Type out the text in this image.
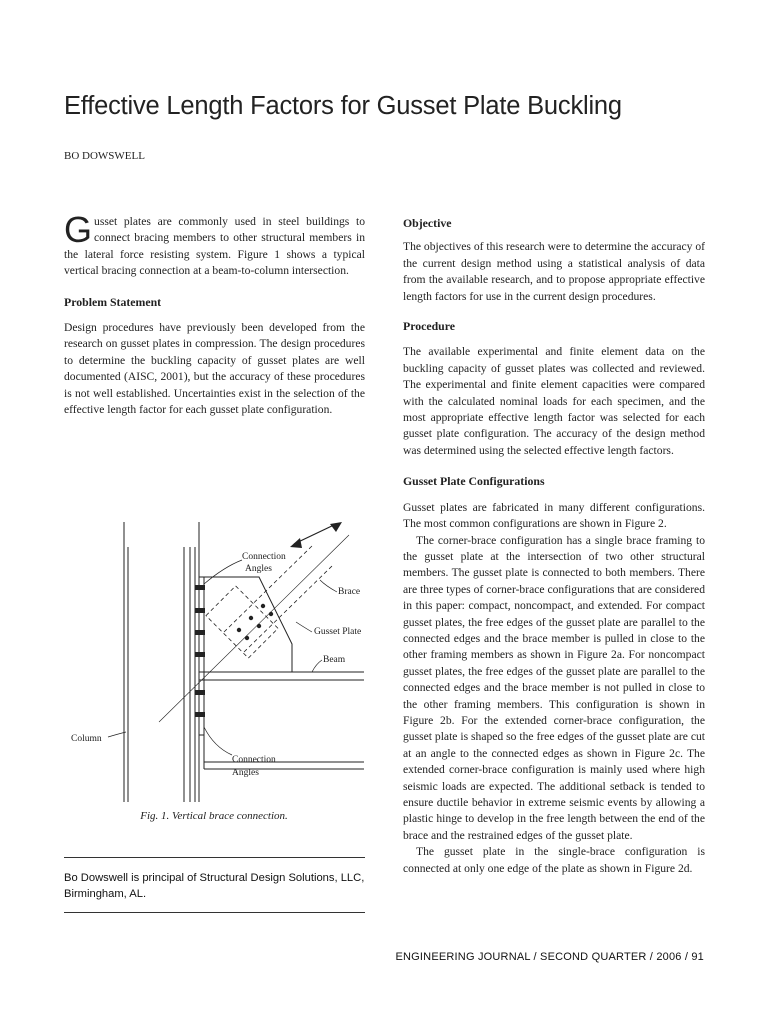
Effective Length Factors for Gusset Plate Buckling
BO DOWSWELL

Gusset plates are commonly used in steel buildings to connect bracing members to other structural members in the lateral force resisting system. Figure 1 shows a typical vertical bracing connection at a beam-to-column intersection.

Problem Statement

Design procedures have previously been developed from the research on gusset plates in compression. The design procedures to determine the buckling capacity of gusset plates are well documented (AISC, 2001), but the accuracy of these procedures is not well established. Uncertainties exist in the selection of the effective length factor for each gusset plate configuration.

Connection
Angles
Brace
Gusset Plate
Beam
Column
Connection
Angles
Fig. 1. Vertical brace connection.
Bo Dowswell is principal of Structural Design Solutions, LLC, Birmingham, AL.

Objective

The objectives of this research were to determine the accuracy of the current design method using a statistical analysis of data from the available research, and to propose appropriate effective length factors for use in the current design procedures.

Procedure

The available experimental and finite element data on the buckling capacity of gusset plates was collected and reviewed. The experimental and finite element capacities were compared with the calculated nominal loads for each specimen, and the most appropriate effective length factor was selected for each gusset plate configuration. The accuracy of the design method was determined using the selected effective length factors.

Gusset Plate Configurations

Gusset plates are fabricated in many different configurations. The most common configurations are shown in Figure 2.

The corner-brace configuration has a single brace framing to the gusset plate at the intersection of two other structural members. The gusset plate is connected to both members. There are three types of corner-brace configurations that are considered in this paper: compact, noncompact, and extended. For compact gusset plates, the free edges of the gusset plate are parallel to the connected edges and the brace member is pulled in close to the other framing members as shown in Figure 2a. For noncompact gusset plates, the free edges of the gusset plate are parallel to the connected edges and the brace member is not pulled in close to the other framing members. This configuration is shown in Figure 2b. For the extended corner-brace configuration, the gusset plate is shaped so the free edges of the gusset plate are cut at an angle to the connected edges as shown in Figure 2c. The extended corner-brace configuration is mainly used where high seismic loads are expected. The additional setback is tended to ensure ductile behavior in extreme seismic events by allowing a plastic hinge to develop in the free length between the end of the brace and the restrained edges of the gusset plate.

The gusset plate in the single-brace configuration is connected at only one edge of the plate as shown in Figure 2d.

ENGINEERING JOURNAL / SECOND QUARTER / 2006 / 91
